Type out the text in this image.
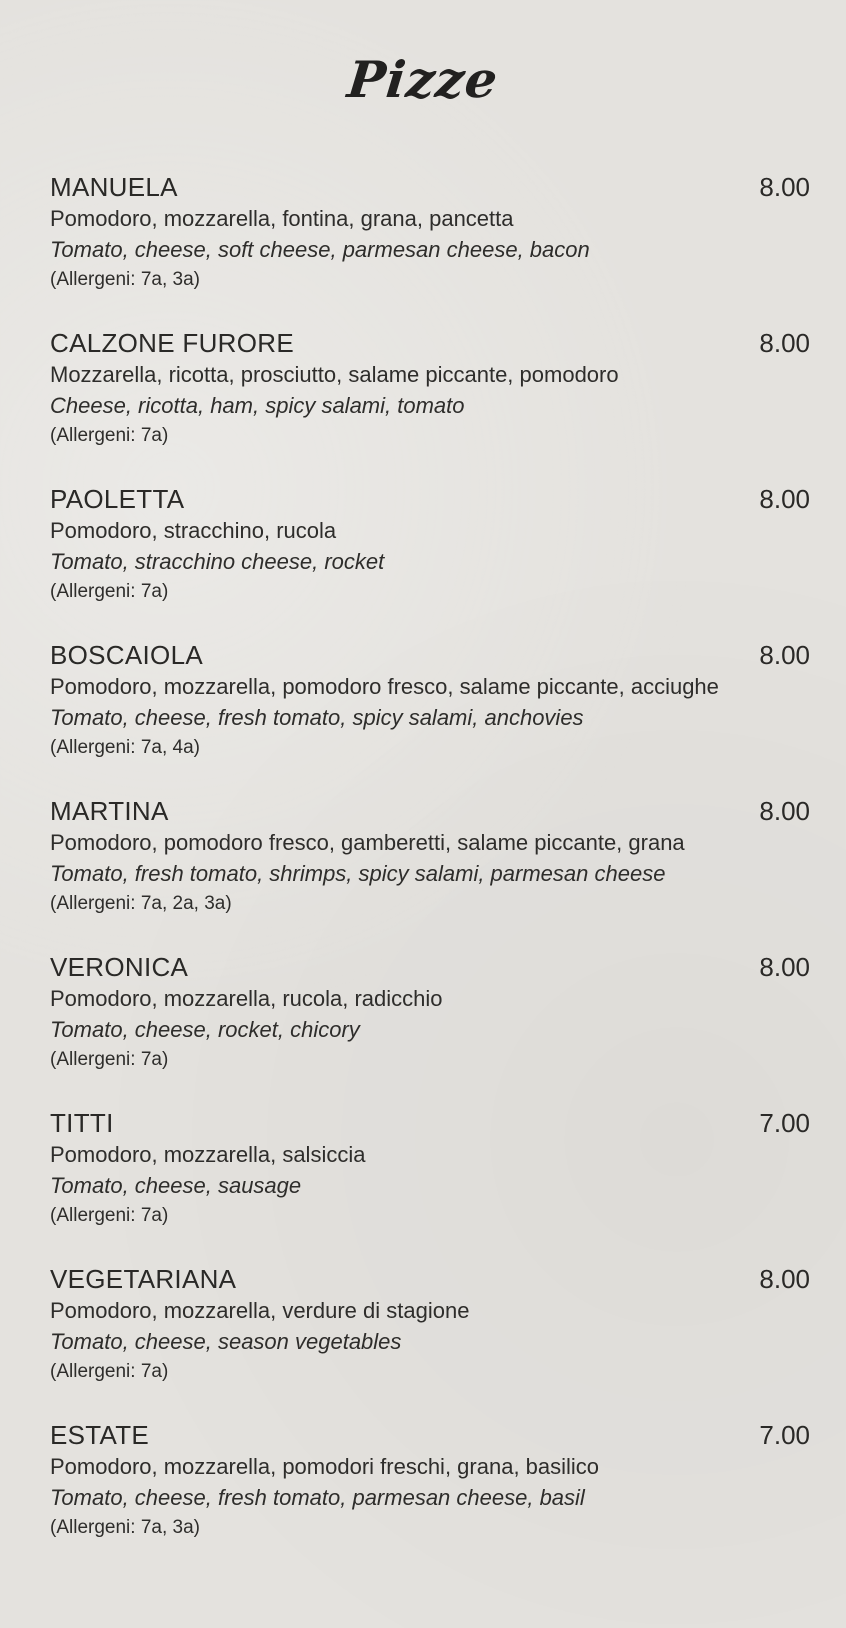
Pizze
MANUELA	8.00
Pomodoro, mozzarella, fontina, grana, pancetta
Tomato, cheese, soft cheese, parmesan cheese, bacon
(Allergeni: 7a, 3a)
CALZONE FURORE	8.00
Mozzarella, ricotta, prosciutto, salame piccante, pomodoro
Cheese, ricotta, ham, spicy salami, tomato
(Allergeni: 7a)
PAOLETTA	8.00
Pomodoro, stracchino, rucola
Tomato, stracchino cheese, rocket
(Allergeni: 7a)
BOSCAIOLA	8.00
Pomodoro, mozzarella, pomodoro fresco, salame piccante, acciughe
Tomato, cheese, fresh tomato, spicy salami, anchovies
(Allergeni: 7a, 4a)
MARTINA	8.00
Pomodoro, pomodoro fresco, gamberetti, salame piccante, grana
Tomato, fresh tomato, shrimps, spicy salami, parmesan cheese
(Allergeni: 7a, 2a, 3a)
VERONICA	8.00
Pomodoro, mozzarella, rucola, radicchio
Tomato, cheese, rocket, chicory
(Allergeni: 7a)
TITTI	7.00
Pomodoro, mozzarella, salsiccia
Tomato, cheese, sausage
(Allergeni: 7a)
VEGETARIANA	8.00
Pomodoro, mozzarella, verdure di stagione
Tomato, cheese, season vegetables
(Allergeni: 7a)
ESTATE	7.00
Pomodoro, mozzarella, pomodori freschi, grana, basilico
Tomato, cheese, fresh tomato, parmesan cheese, basil
(Allergeni: 7a, 3a)
